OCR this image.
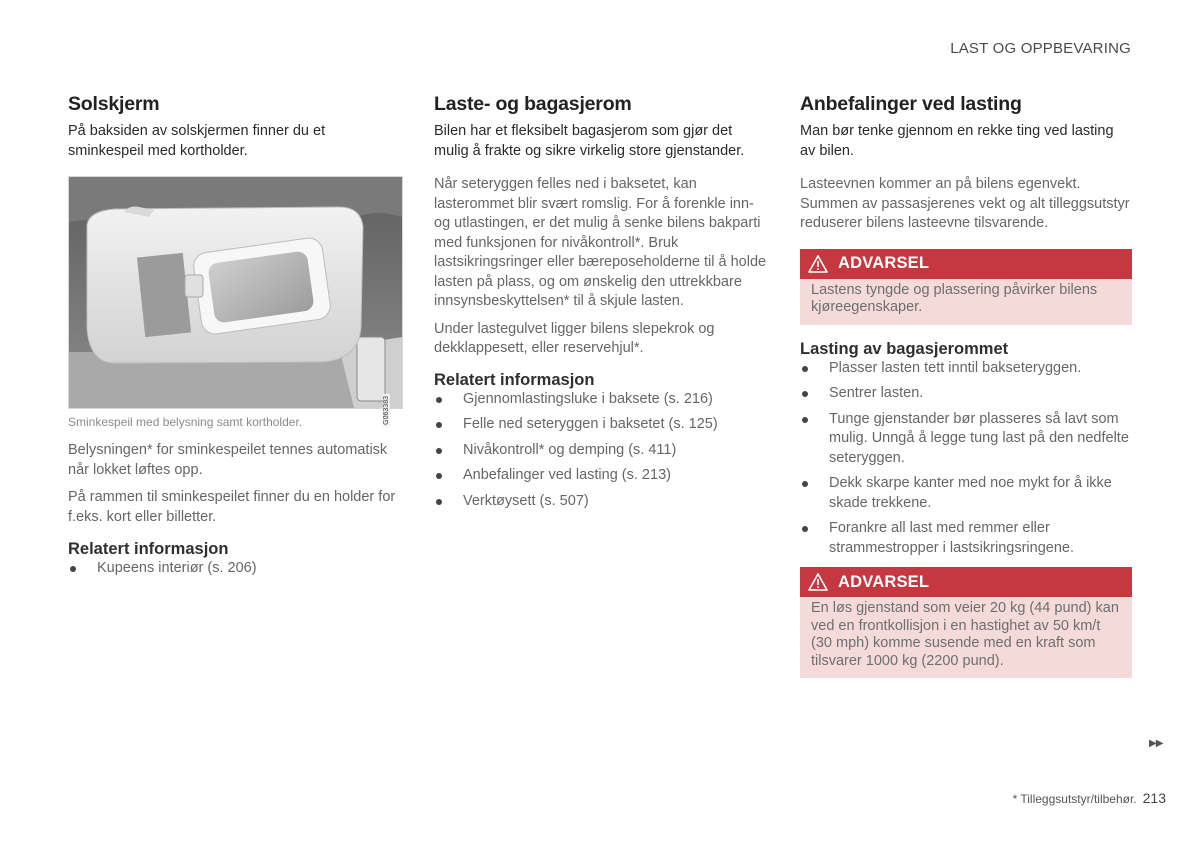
LAST OG OPPBEVARING
Solskjerm

På baksiden av solskjermen finner du et sminkespeil med kortholder.

G063383
Sminkespeil med belysning samt kortholder.

Belysningen* for sminkespeilet tennes automatisk når lokket løftes opp.

På rammen til sminkespeilet finner du en holder for f.eks. kort eller billetter.

Relatert informasjon
Kupeens interiør (s. 206)
Laste- og bagasjerom

Bilen har et fleksibelt bagasjerom som gjør det mulig å frakte og sikre virkelig store gjenstander.

Når seteryggen felles ned i baksetet, kan lasterommet blir svært romslig. For å forenkle inn- og utlastingen, er det mulig å senke bilens bakparti med funksjonen for nivåkontroll*. Bruk lastsikringsringer eller bæreposeholderne til å holde lasten på plass, og om ønskelig den uttrekkbare innsynsbeskyttelsen* til å skjule lasten.

Under lastegulvet ligger bilens slepekrok og dekklappesett, eller reservehjul*.

Relatert informasjon
Gjennomlastingsluke i baksete (s. 216)
Felle ned seteryggen i baksetet (s. 125)
Nivåkontroll* og demping (s. 411)
Anbefalinger ved lasting (s. 213)
Verktøysett (s. 507)
Anbefalinger ved lasting

Man bør tenke gjennom en rekke ting ved lasting av bilen.

Lasteevnen kommer an på bilens egenvekt. Summen av passasjerenes vekt og alt tilleggsutstyr reduserer bilens lasteevne tilsvarende.

ADVARSEL
Lastens tyngde og plassering påvirker bilens kjøreegenskaper.
Lasting av bagasjerommet
Plasser lasten tett inntil bakseteryggen.
Sentrer lasten.
Tunge gjenstander bør plasseres så lavt som mulig. Unngå å legge tung last på den nedfelte seteryggen.
Dekk skarpe kanter med noe mykt for å ikke skade trekkene.
Forankre all last med remmer eller strammestropper i lastsikringsringene.
ADVARSEL
En løs gjenstand som veier 20 kg (44 pund) kan ved en frontkollisjon i en hastighet av 50 km/t (30 mph) komme susende med en kraft som tilsvarer 1000 kg (2200 pund).
▶▶
* Tilleggsutstyr/tilbehør. 213
